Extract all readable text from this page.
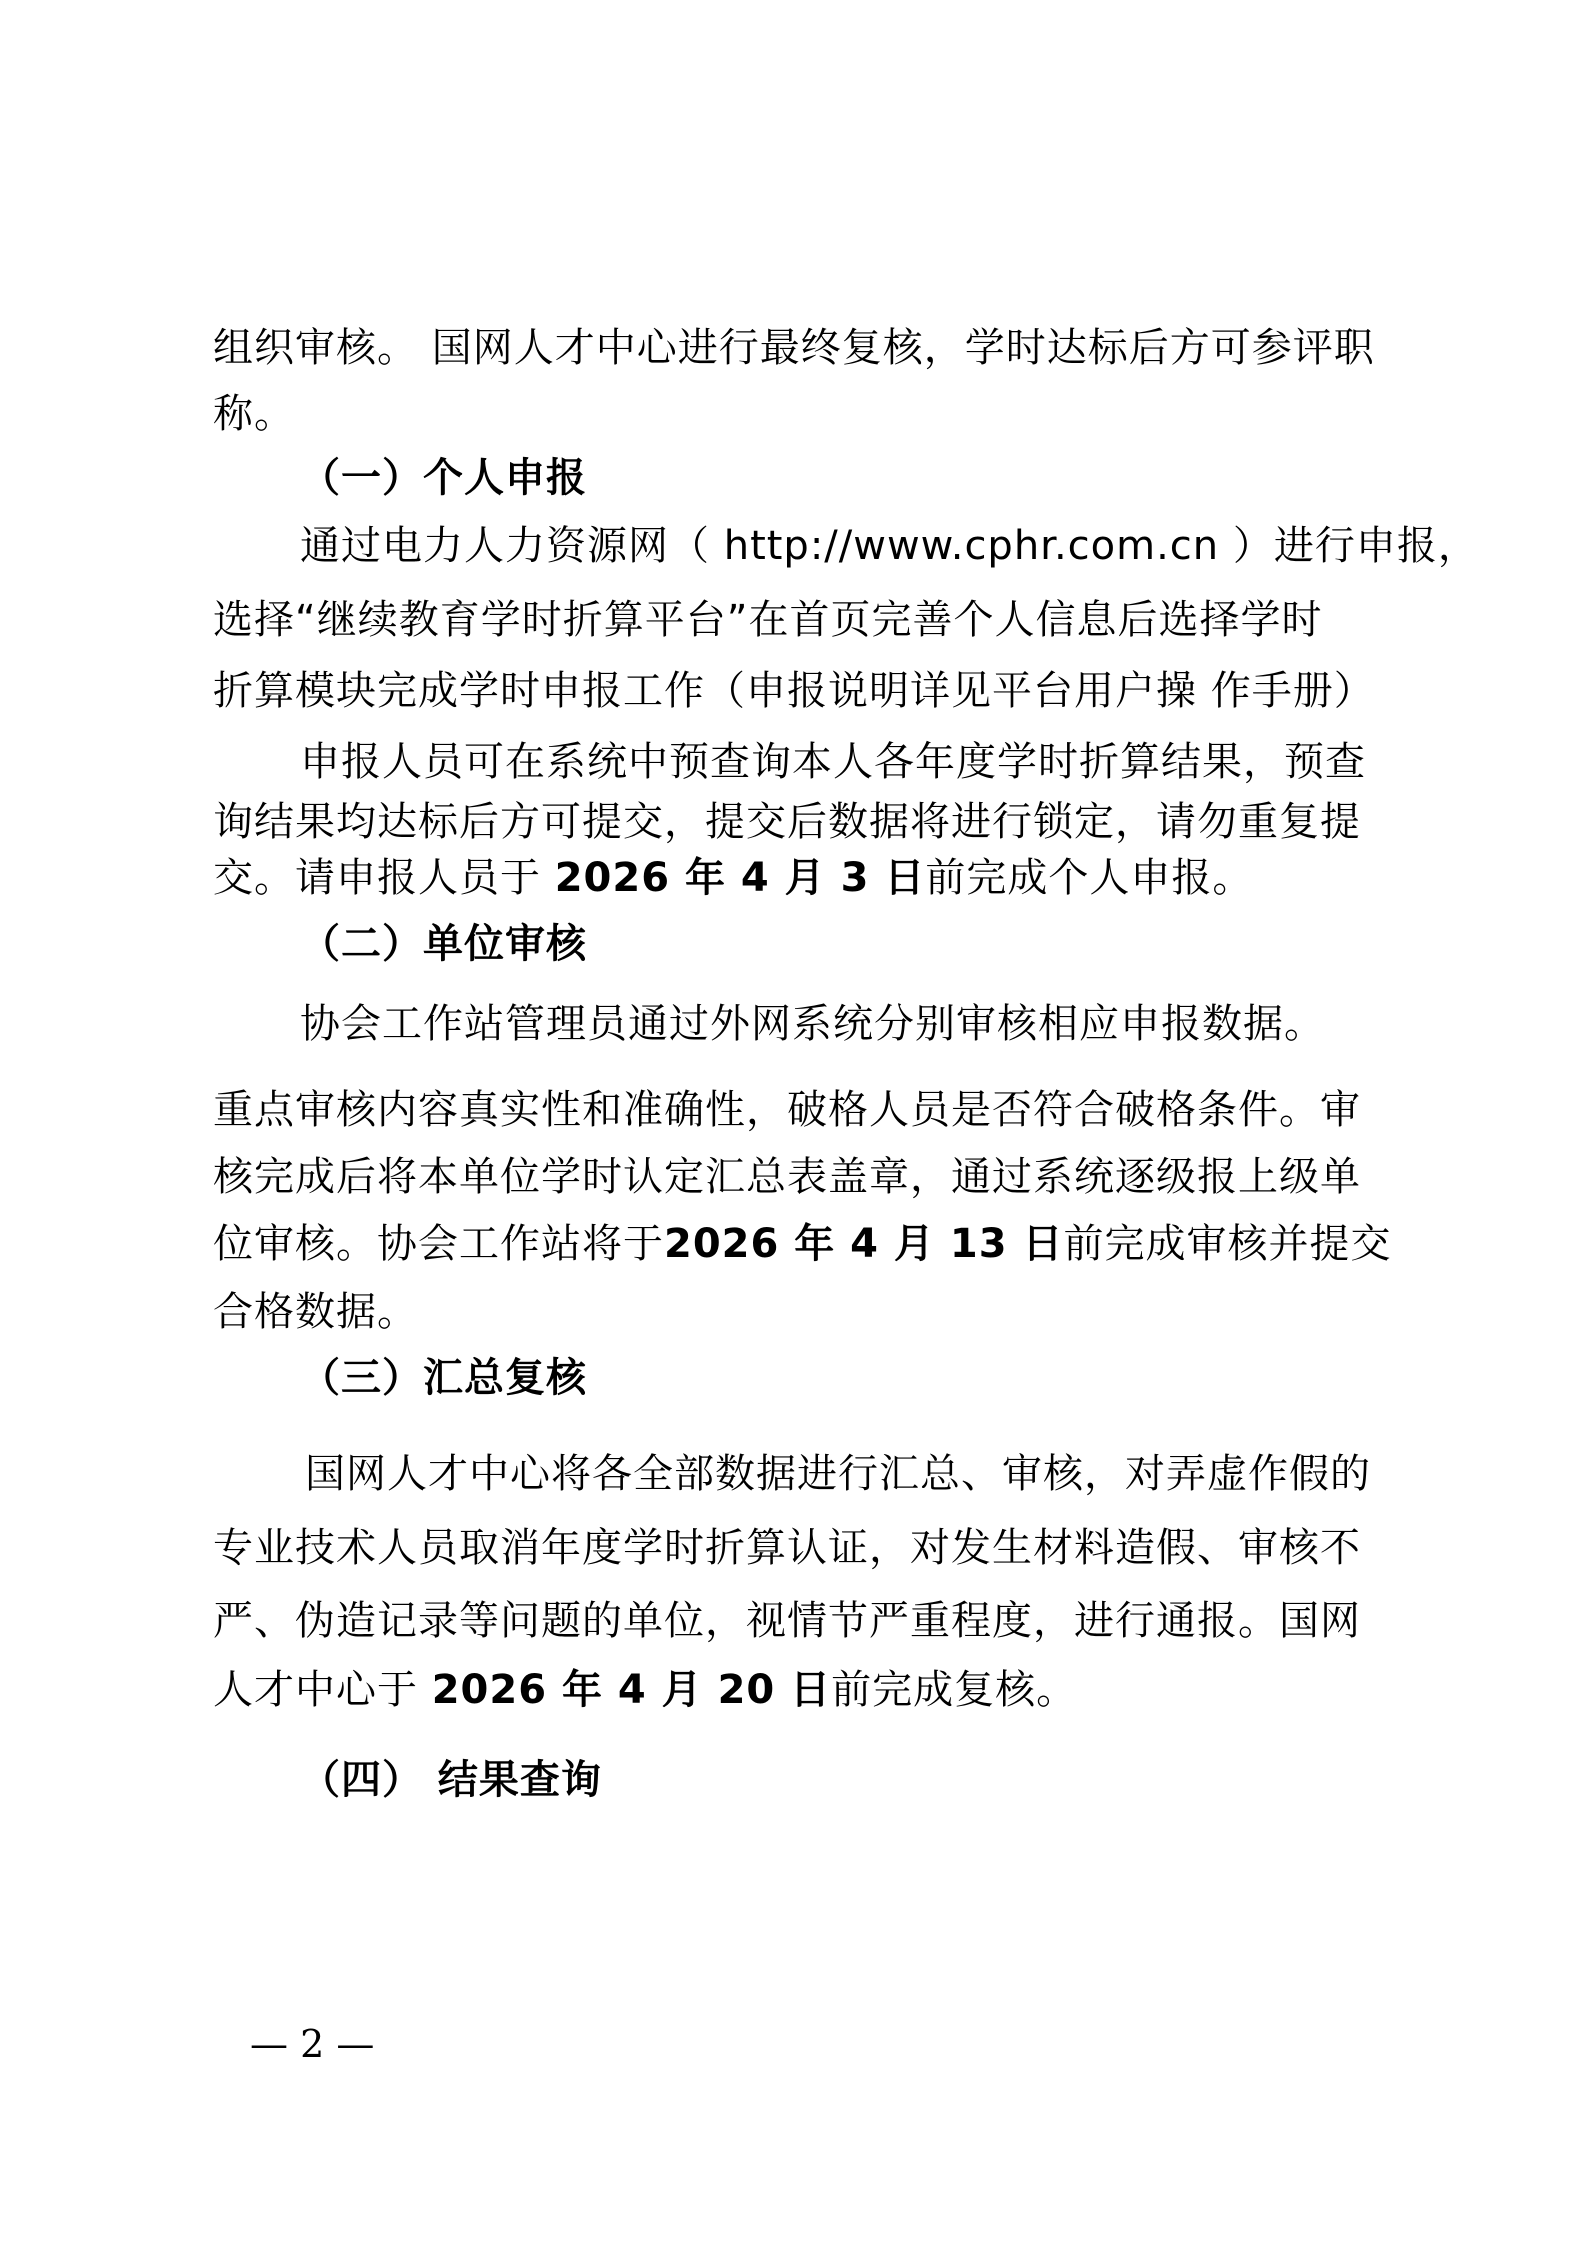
组织审核。 国网人才中心进行最终复核，学时达标后方可参评职
称。
（一）个人申报
通过电力人力资源网（ http://www.cphr.com.cn ）进行申报，
选择“继续教育学时折算平台”在首页完善个人信息后选择学时
折算模块完成学时申报工作（申报说明详见平台用户操 作手册）
申报人员可在系统中预查询本人各年度学时折算结果，预查
询结果均达标后方可提交，提交后数据将进行锁定，请勿重复提
交。请申报人员于 2026 年 4 月 3 日前完成个人申报。
（二）单位审核
协会工作站管理员通过外网系统分别审核相应申报数据。
重点审核内容真实性和准确性，破格人员是否符合破格条件。审
核完成后将本单位学时认定汇总表盖章，通过系统逐级报上级单
位审核。协会工作站将于2026 年 4 月 13 日前完成审核并提交
合格数据。
（三）汇总复核
国网人才中心将各全部数据进行汇总、审核，对弄虚作假的
专业技术人员取消年度学时折算认证，对发生材料造假、审核不
严、伪造记录等问题的单位，视情节严重程度，进行通报。国网
人才中心于 2026 年 4 月 20 日前完成复核。
（四） 结果查询
— 2 —
